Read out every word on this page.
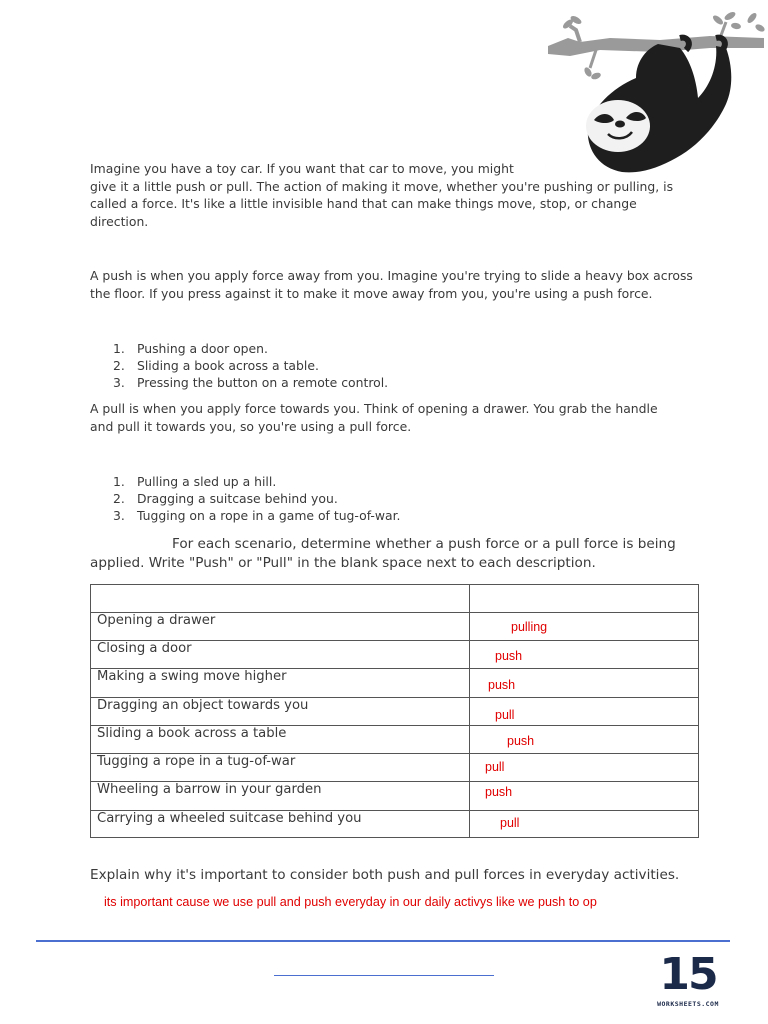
Imagine you have a toy car. If you want that car to move, you might
give it a little push or pull. The action of making it move, whether you're pushing or pulling, is
called a force. It's like a little invisible hand that can make things move, stop, or change
direction.
A push is when you apply force away from you. Imagine you're trying to slide a heavy box across
the floor. If you press against it to make it move away from you, you're using a push force.
1. Pushing a door open.
2. Sliding a book across a table.
3. Pressing the button on a remote control.
A pull is when you apply force towards you. Think of opening a drawer. You grab the handle
and pull it towards you, so you're using a pull force.
1. Pulling a sled up a hill.
2. Dragging a suitcase behind you.
3. Tugging on a rope in a game of tug-of-war.
For each scenario, determine whether a push force or a pull force is being
applied. Write "Push" or "Pull" in the blank space next to each description.

Opening a drawer	pulling

Closing a door	push

Making a swing move higher	push

Dragging an object towards you	pull

Sliding a book across a table	push

Tugging a rope in a tug-of-war	pull

Wheeling a barrow in your garden	push

Carrying a wheeled suitcase behind you	pull
Explain why it's important to consider both push and pull forces in everyday activities.
its important cause we use pull and push everyday in our daily activys like we push to op
15
WORKSHEETS.COM
